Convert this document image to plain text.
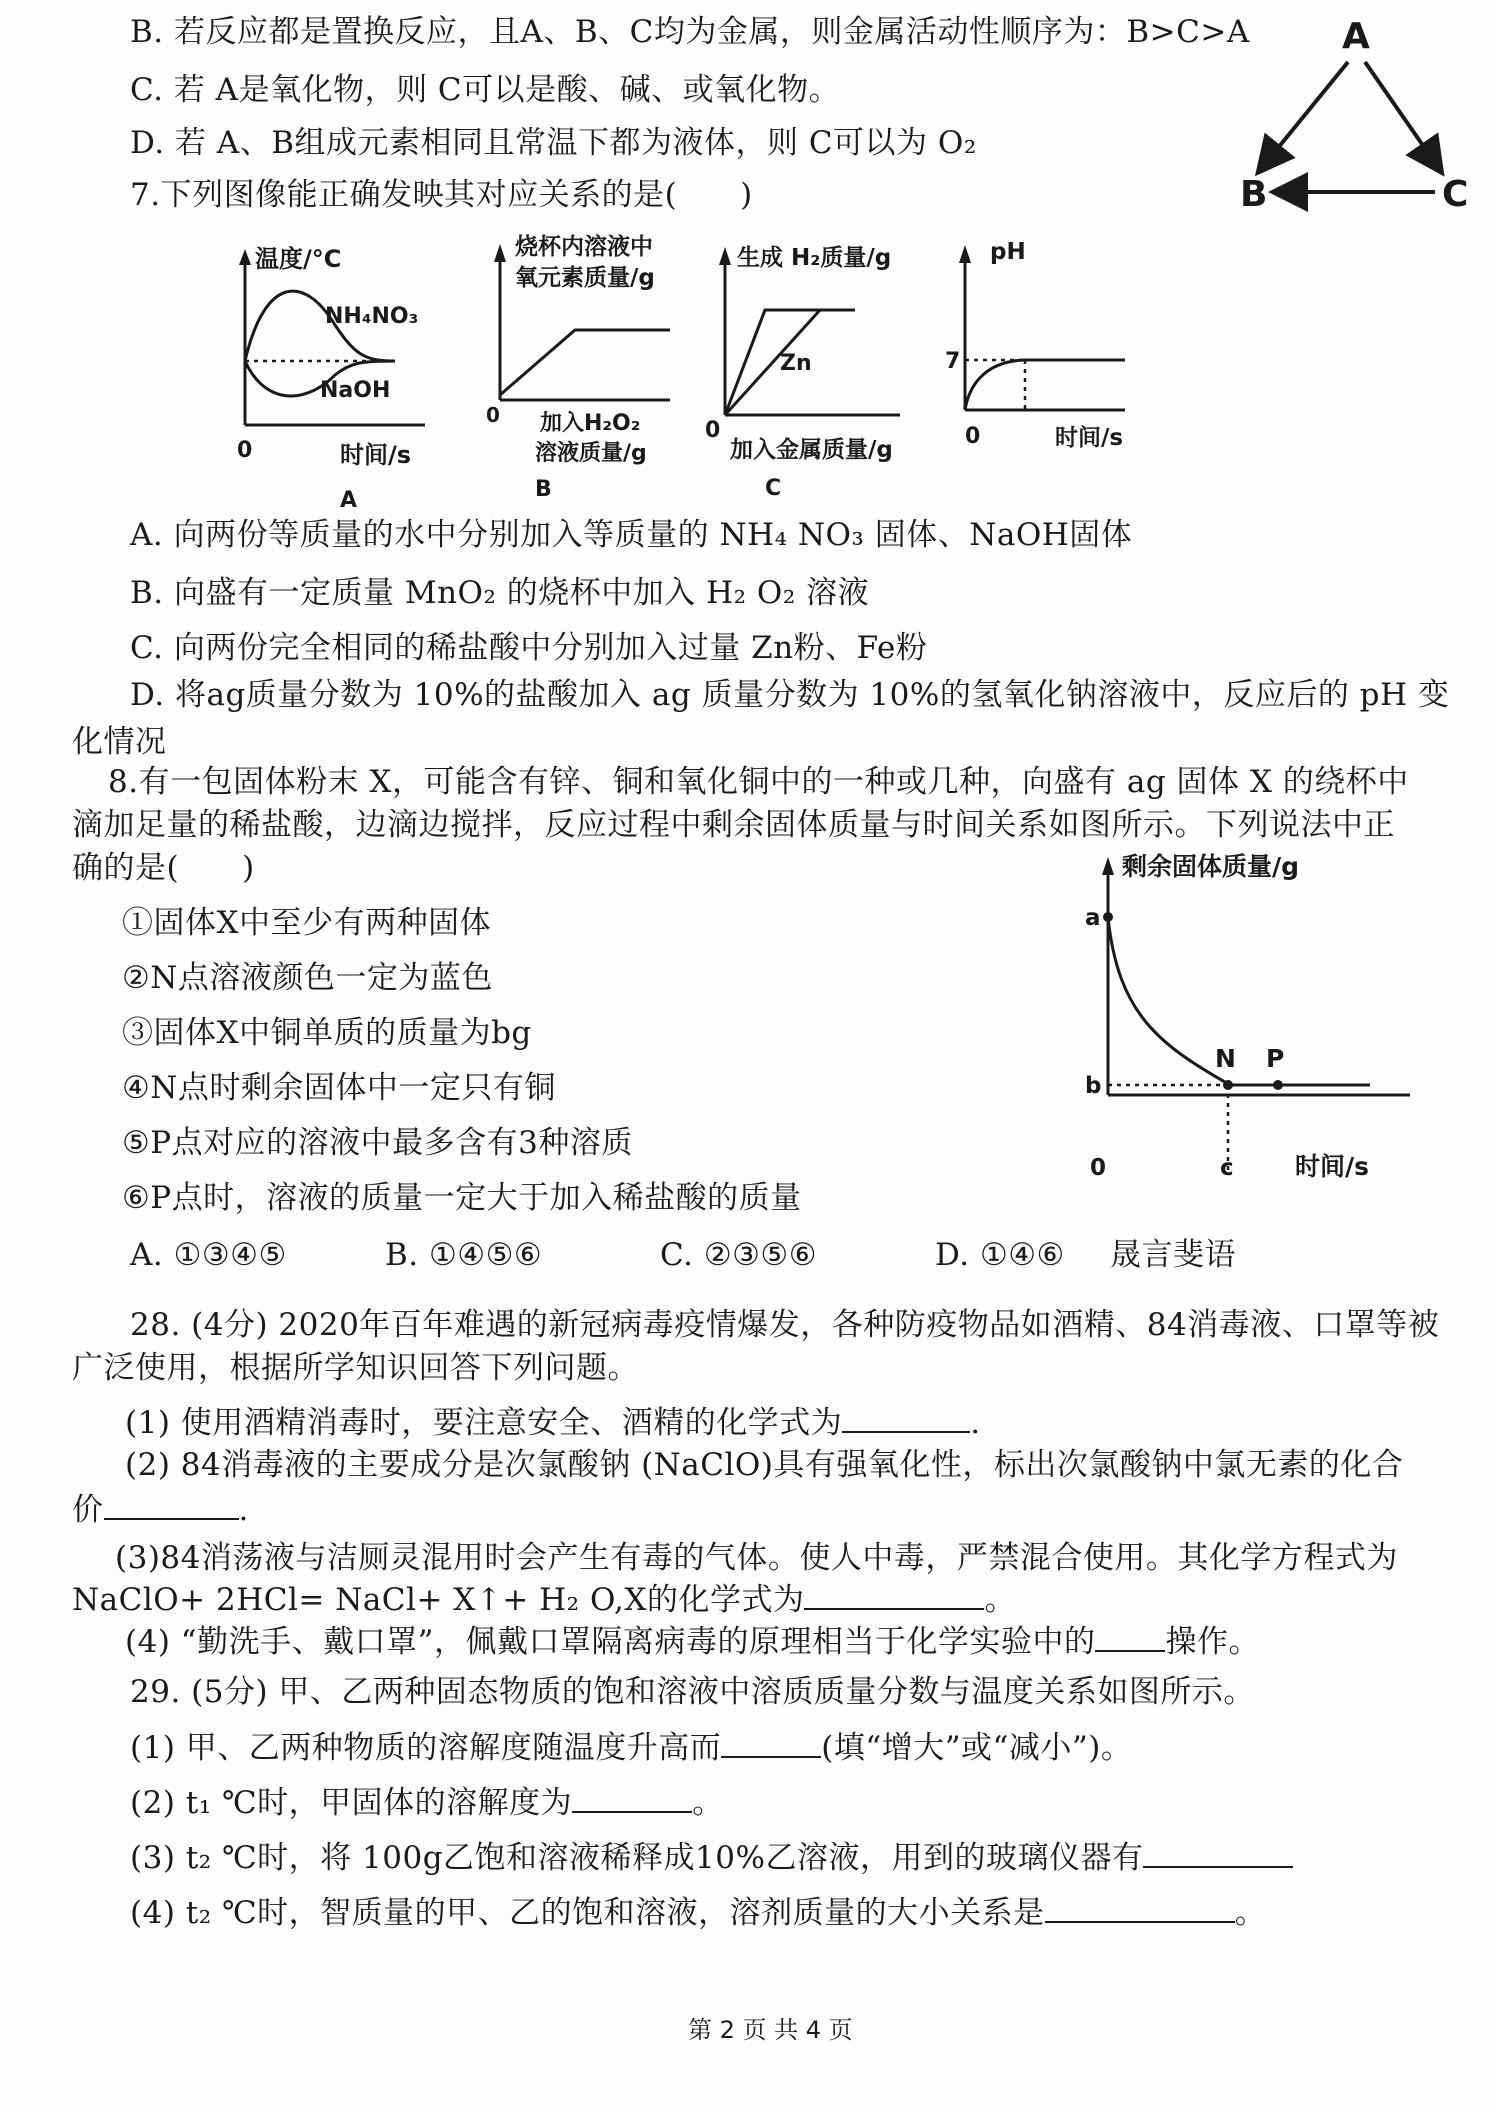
B. 若反应都是置换反应，且A、B、C均为金属，则金属活动性顺序为：B>C>A
C. 若 A是氧化物，则 C可以是酸、碱、或氧化物。
D. 若 A、B组成元素相同且常温下都为液体，则 C可以为 O₂
A
B	C
7.下列图像能正确发映其对应关系的是(　　)
温度/°C
NH₄NO₃
NaOH
0	时间/s
A
烧杯内溶液中
氧元素质量/g
0 加入H₂O₂
溶液质量/g
B
生成 H₂质量/g
Zn
0
加入金属质量/g
C
pH
7
0	时间/s
A. 向两份等质量的水中分别加入等质量的 NH₄ NO₃ 固体、NaOH固体
B. 向盛有一定质量 MnO₂ 的烧杯中加入 H₂ O₂ 溶液
C. 向两份完全相同的稀盐酸中分别加入过量 Zn粉、Fe粉
D. 将ag质量分数为 10%的盐酸加入 ag 质量分数为 10%的氢氧化钠溶液中，反应后的 pH 变
化情况
8.有一包固体粉末 X，可能含有锌、铜和氧化铜中的一种或几种，向盛有 ag 固体 X 的绕杯中
滴加足量的稀盐酸，边滴边搅拌，反应过程中剩余固体质量与时间关系如图所示。下列说法中正
确的是(　　)
①固体X中至少有两种固体
②N点溶液颜色一定为蓝色
③固体X中铜单质的质量为bg
④N点时剩余固体中一定只有铜
⑤P点对应的溶液中最多含有3种溶质
⑥P点时，溶液的质量一定大于加入稀盐酸的质量
剩余固体质量/g
a
b
N P
0	c 时间/s
A. ①③④⑤	B. ①④⑤⑥	C. ②③⑤⑥	D. ①④⑥ 晟言斐语
28. (4分) 2020年百年难遇的新冠病毒疫情爆发，各种防疫物品如酒精、84消毒液、口罩等被
广泛使用，根据所学知识回答下列问题。
(1) 使用酒精消毒时，要注意安全、酒精的化学式为	.
(2) 84消毒液的主要成分是次氯酸钠 (NaClO)具有强氧化性，标出次氯酸钠中氯无素的化合
价	.
(3)84消荡液与洁厕灵混用时会产生有毒的气体。使人中毒，严禁混合使用。其化学方程式为
NaClO+ 2HCl= NaCl+ X↑+ H₂ O,X的化学式为	。
(4) “勤洗手、戴口罩”，佩戴口罩隔离病毒的原理相当于化学实验中的 操作。
29. (5分) 甲、乙两种固态物质的饱和溶液中溶质质量分数与温度关系如图所示。
(1) 甲、乙两种物质的溶解度随温度升高而	(填“增大”或“减小”)。
(2) t₁ ℃时，甲固体的溶解度为	。
(3) t₂ ℃时，将 100g乙饱和溶液稀释成10%乙溶液，用到的玻璃仪器有
(4) t₂ ℃时，智质量的甲、乙的饱和溶液，溶剂质量的大小关系是	。
第 2 页 共 4 页
